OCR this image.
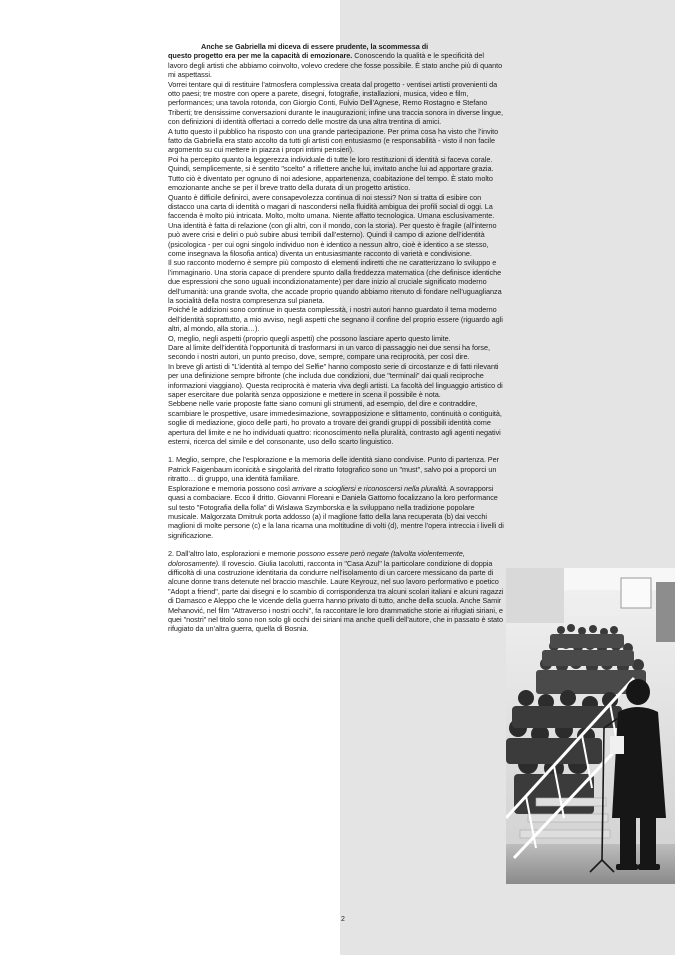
Anche se Gabriella mi diceva di essere prudente, la scommessa di
questo progetto era per me la capacità di emozionare. Conoscendo la qualità e le specificità del lavoro degli artisti che abbiamo coinvolto, volevo credere che fosse possibile. È stato anche più di quanto mi aspettassi.

Vorrei tentare qui di restituire l’atmosfera complessiva creata dal progetto - ventisei artisti provenienti da otto paesi; tre mostre con opere a parete, disegni, fotografie, installazioni, musica, video e film, performances; una tavola rotonda, con Giorgio Conti, Fulvio Dell’Agnese, Remo Rostagno e Stefano Triberti; tre densissime conversazioni durante le inaugurazioni; infine una traccia sonora in diverse lingue, con definizioni di identità offertaci a corredo delle mostre da una altra trentina di amici.

A tutto questo il pubblico ha risposto con una grande partecipazione. Per prima cosa ha visto che l’invito fatto da Gabriella era stato accolto da tutti gli artisti con entusiasmo (e responsabilità - visto il non facile argomento su cui mettere in piazza i propri intimi pensieri).

Poi ha percepito quanto la leggerezza individuale di tutte le loro restituzioni di identità si faceva corale. Quindi, semplicemente, si è sentito "scelto" a riflettere anche lui, invitato anche lui ad apportare grazia. Tutto ciò è diventato per ognuno di noi adesione, appartenenza, coabitazione del tempo. È stato molto emozionante anche se per il breve tratto della durata di un progetto artistico.

Quanto è difficile definirci, avere consapevolezza continua di noi stessi? Non si tratta di esibire con distacco una carta di identità o magari di nascondersi nella fluidità ambigua dei profili social di oggi. La faccenda è molto più intricata. Molto, molto umana. Niente affatto tecnologica. Umana esclusivamente.

Una identità è fatta di relazione (con gli altri, con il mondo, con la storia). Per questo è fragile (all’interno può avere crisi e deliri o può subire abusi terribili dall’esterno). Quindi il campo di azione dell’identità (psicologica - per cui ogni singolo individuo non è identico a nessun altro, cioè è identico a se stesso, come insegnava la filosofia antica) diventa un entusiasmante racconto di varietà e condivisione.

Il suo racconto moderno è sempre più composto di elementi indiretti che ne caratterizzano lo sviluppo e l’immaginario. Una storia capace di prendere spunto dalla freddezza matematica (che definisce identiche due espressioni che sono uguali incondizionatamente) per dare inizio al cruciale significato moderno dell’umanità: una grande svolta, che accade proprio quando abbiamo ritenuto di fondare nell’uguaglianza la socialità della nostra compresenza sul pianeta.

Poiché le addizioni sono continue in questa complessità, i nostri autori hanno guardato il tema moderno dell’identità soprattutto, a mio avviso, negli aspetti che segnano il confine del proprio essere (riguardo agli altri, al mondo, alla storia…).

O, meglio, negli aspetti (proprio quegli aspetti) che possono lasciare aperto questo limite.

Dare al limite dell’identità l’opportunità di trasformarsi in un varco di passaggio nei due sensi ha forse, secondo i nostri autori, un punto preciso, dove, sempre, compare una reciprocità, per così dire.

In breve gli artisti di "L’identità al tempo del Selfie" hanno composto serie di circostanze e di fatti rilevanti per una definizione sempre bifronte (che includa due condizioni, due "terminali" dai quali reciproche informazioni viaggiano). Questa reciprocità è materia viva degli artisti. La facoltà del linguaggio artistico di saper esercitare due polarità senza opposizione e mettere in scena il possibile è nota.

Sebbene nelle varie proposte fatte siano comuni gli strumenti, ad esempio, del dire e contraddire, scambiare le prospettive, usare immedesimazione, sovrapposizione e slittamento, continuità o contiguità, soglie di mediazione, gioco delle parti, ho provato a trovare dei grandi gruppi di possibili identità come apertura del limite e ne ho individuati quattro: riconoscimento nella pluralità, contrasto agli agenti negativi esterni, ricerca del simile e del consonante, uso dello scarto linguistico.

1. Meglio, sempre, che l’esplorazione e la memoria delle identità siano condivise. Punto di partenza. Per Patrick Faigenbaum iconicità e singolarità del ritratto fotografico sono un "must", salvo poi a proporci un ritratto… di gruppo, una identità familiare.

Esplorazione e memoria possono così arrivare a sciogliersi e riconoscersi nella pluralità. A sovrapporsi quasi a combaciare. Ecco il dritto. Giovanni Floreani e Daniela Gattorno focalizzano la loro performance sul testo "Fotografia della folla" di Wislawa Szymborska e la sviluppano nella tradizione popolare musicale. Malgorzata Dmitruk porta addosso (a) il maglione fatto della lana recuperata (b) dai vecchi maglioni di molte persone (c) e la lana ricama una moltitudine di volti (d), mentre l’opera intreccia i livelli di significazione.

2. Dall’altro lato, esplorazioni e memorie possono essere però negate (talvolta violentemente, dolorosamente). Il rovescio. Giulia Iacolutti, racconta in "Casa Azul" la particolare condizione di doppia difficoltà di una costruzione identitaria da condurre nell’isolamento di un carcere messicano da parte di alcune donne trans detenute nel braccio maschile. Laure Keyrouz, nel suo lavoro performativo e poetico "Adopt a friend", parte dai disegni e lo scambio di corrispondenza tra alcuni scolari italiani e alcuni ragazzi di Damasco e Aleppo che le vicende della guerra hanno privato di tutto, anche della scuola. Anche Samir Mehanović, nel film "Attraverso i nostri occhi", fa raccontare le loro drammatiche storie ai rifugiati siriani, e quei "nostri" nel titolo sono non solo gli occhi dei siriani ma anche quelli dell’autore, che in passato è stato rifugiato da un’altra guerra, quella di Bosnia.

2
